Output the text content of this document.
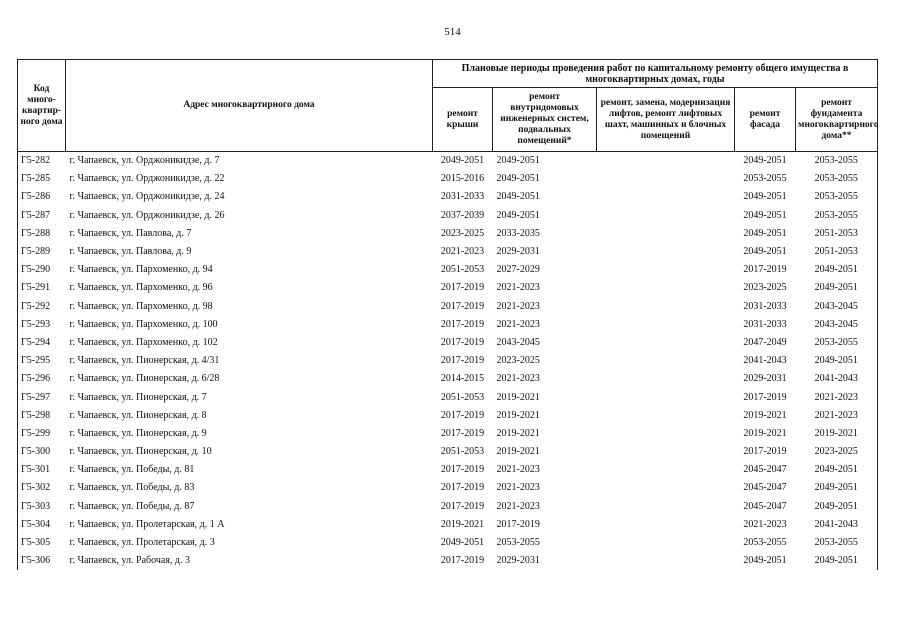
514
Код много-квартир-ного дома	Адрес многоквартирного дома	Плановые периоды проведения работ по капитальному ремонту общего имущества в многоквартирных домах, годы				
		ремонт крыши	ремонт внутридомовых инженерных систем, подвальных помещений*	ремонт, замена, модернизация лифтов, ремонт лифтовых шахт, машинных и блочных помещений	ремонт фасада	ремонт фундамента многоквартирного дома**
Г5-282	г. Чапаевск, ул. Орджоникидзе, д. 7	2049-2051	2049-2051		2049-2051	2053-2055
Г5-285	г. Чапаевск, ул. Орджоникидзе, д. 22	2015-2016	2049-2051		2053-2055	2053-2055
Г5-286	г. Чапаевск, ул. Орджоникидзе, д. 24	2031-2033	2049-2051		2049-2051	2053-2055
Г5-287	г. Чапаевск, ул. Орджоникидзе, д. 26	2037-2039	2049-2051		2049-2051	2053-2055
Г5-288	г. Чапаевск, ул. Павлова, д. 7	2023-2025	2033-2035		2049-2051	2051-2053
Г5-289	г. Чапаевск, ул. Павлова, д. 9	2021-2023	2029-2031		2049-2051	2051-2053
Г5-290	г. Чапаевск, ул. Пархоменко, д. 94	2051-2053	2027-2029		2017-2019	2049-2051
Г5-291	г. Чапаевск, ул. Пархоменко, д. 96	2017-2019	2021-2023		2023-2025	2049-2051
Г5-292	г. Чапаевск, ул. Пархоменко, д. 98	2017-2019	2021-2023		2031-2033	2043-2045
Г5-293	г. Чапаевск, ул. Пархоменко, д. 100	2017-2019	2021-2023		2031-2033	2043-2045
Г5-294	г. Чапаевск, ул. Пархоменко, д. 102	2017-2019	2043-2045		2047-2049	2053-2055
Г5-295	г. Чапаевск, ул. Пионерская, д. 4/31	2017-2019	2023-2025		2041-2043	2049-2051
Г5-296	г. Чапаевск, ул. Пионерская, д. 6/28	2014-2015	2021-2023		2029-2031	2041-2043
Г5-297	г. Чапаевск, ул. Пионерская, д. 7	2051-2053	2019-2021		2017-2019	2021-2023
Г5-298	г. Чапаевск, ул. Пионерская, д. 8	2017-2019	2019-2021		2019-2021	2021-2023
Г5-299	г. Чапаевск, ул. Пионерская, д. 9	2017-2019	2019-2021		2019-2021	2019-2021
Г5-300	г. Чапаевск, ул. Пионерская, д. 10	2051-2053	2019-2021		2017-2019	2023-2025
Г5-301	г. Чапаевск, ул. Победы, д. 81	2017-2019	2021-2023		2045-2047	2049-2051
Г5-302	г. Чапаевск, ул. Победы, д. 83	2017-2019	2021-2023		2045-2047	2049-2051
Г5-303	г. Чапаевск, ул. Победы, д. 87	2017-2019	2021-2023		2045-2047	2049-2051
Г5-304	г. Чапаевск, ул. Пролетарская, д. 1 А	2019-2021	2017-2019		2021-2023	2041-2043
Г5-305	г. Чапаевск, ул. Пролетарская, д. 3	2049-2051	2053-2055		2053-2055	2053-2055
Г5-306	г. Чапаевск, ул. Рабочая, д. 3	2017-2019	2029-2031		2049-2051	2049-2051
